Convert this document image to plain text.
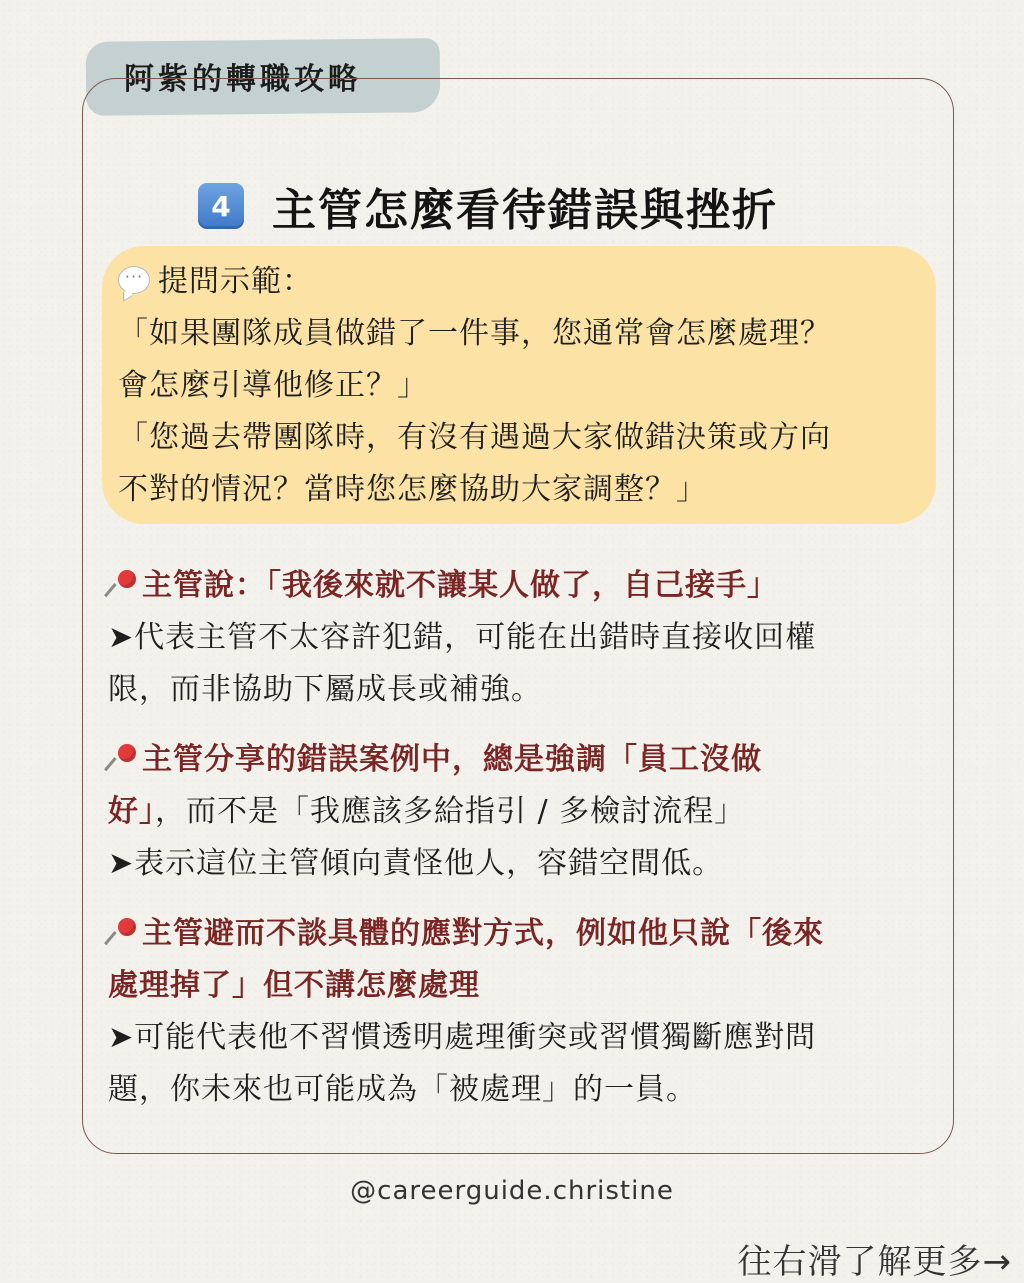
阿紫的轉職攻略
4 主管怎麼看待錯誤與挫折
··· 提問示範：
「如果團隊成員做錯了一件事，您通常會怎麼處理？
會怎麼引導他修正？」
「您過去帶團隊時，有沒有遇過大家做錯決策或方向
不對的情況？當時您怎麼協助大家調整？」
主管說：「我後來就不讓某人做了，自己接手」
➤代表主管不太容許犯錯，可能在出錯時直接收回權
限，而非協助下屬成長或補強。
主管分享的錯誤案例中，總是強調「員工沒做
好」，而不是「我應該多給指引 / 多檢討流程」
➤表示這位主管傾向責怪他人，容錯空間低。
主管避而不談具體的應對方式，例如他只說「後來
處理掉了」但不講怎麼處理
➤可能代表他不習慣透明處理衝突或習慣獨斷應對問
題，你未來也可能成為「被處理」的一員。
@careerguide.christine
往右滑了解更多→
